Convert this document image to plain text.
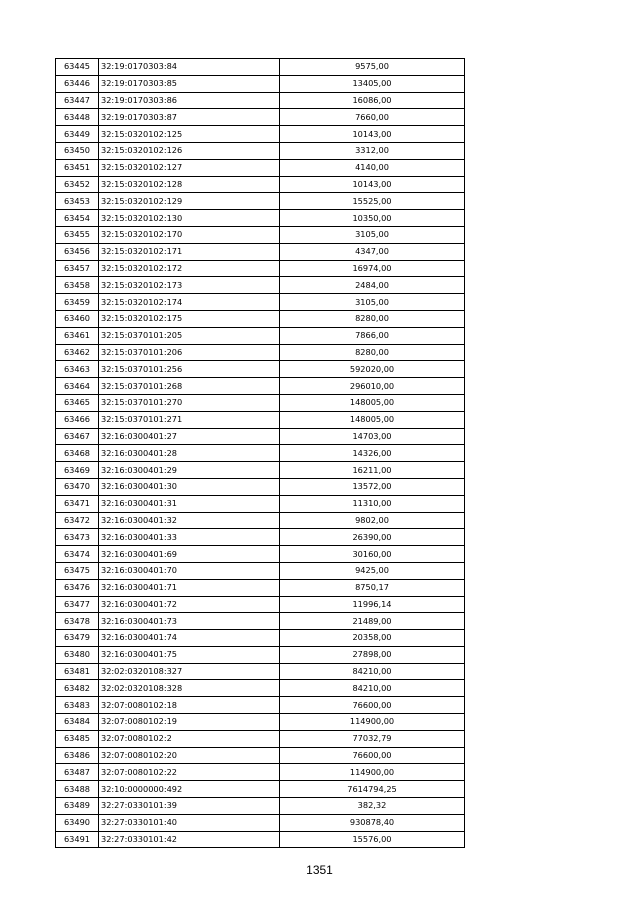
63445	32:19:0170303:84	9575,00
63446	32:19:0170303:85	13405,00
63447	32:19:0170303:86	16086,00
63448	32:19:0170303:87	7660,00
63449	32:15:0320102:125	10143,00
63450	32:15:0320102:126	3312,00
63451	32:15:0320102:127	4140,00
63452	32:15:0320102:128	10143,00
63453	32:15:0320102:129	15525,00
63454	32:15:0320102:130	10350,00
63455	32:15:0320102:170	3105,00
63456	32:15:0320102:171	4347,00
63457	32:15:0320102:172	16974,00
63458	32:15:0320102:173	2484,00
63459	32:15:0320102:174	3105,00
63460	32:15:0320102:175	8280,00
63461	32:15:0370101:205	7866,00
63462	32:15:0370101:206	8280,00
63463	32:15:0370101:256	592020,00
63464	32:15:0370101:268	296010,00
63465	32:15:0370101:270	148005,00
63466	32:15:0370101:271	148005,00
63467	32:16:0300401:27	14703,00
63468	32:16:0300401:28	14326,00
63469	32:16:0300401:29	16211,00
63470	32:16:0300401:30	13572,00
63471	32:16:0300401:31	11310,00
63472	32:16:0300401:32	9802,00
63473	32:16:0300401:33	26390,00
63474	32:16:0300401:69	30160,00
63475	32:16:0300401:70	9425,00
63476	32:16:0300401:71	8750,17
63477	32:16:0300401:72	11996,14
63478	32:16:0300401:73	21489,00
63479	32:16:0300401:74	20358,00
63480	32:16:0300401:75	27898,00
63481	32:02:0320108:327	84210,00
63482	32:02:0320108:328	84210,00
63483	32:07:0080102:18	76600,00
63484	32:07:0080102:19	114900,00
63485	32:07:0080102:2	77032,79
63486	32:07:0080102:20	76600,00
63487	32:07:0080102:22	114900,00
63488	32:10:0000000:492	7614794,25
63489	32:27:0330101:39	382,32
63490	32:27:0330101:40	930878,40
63491	32:27:0330101:42	15576,00
1351
